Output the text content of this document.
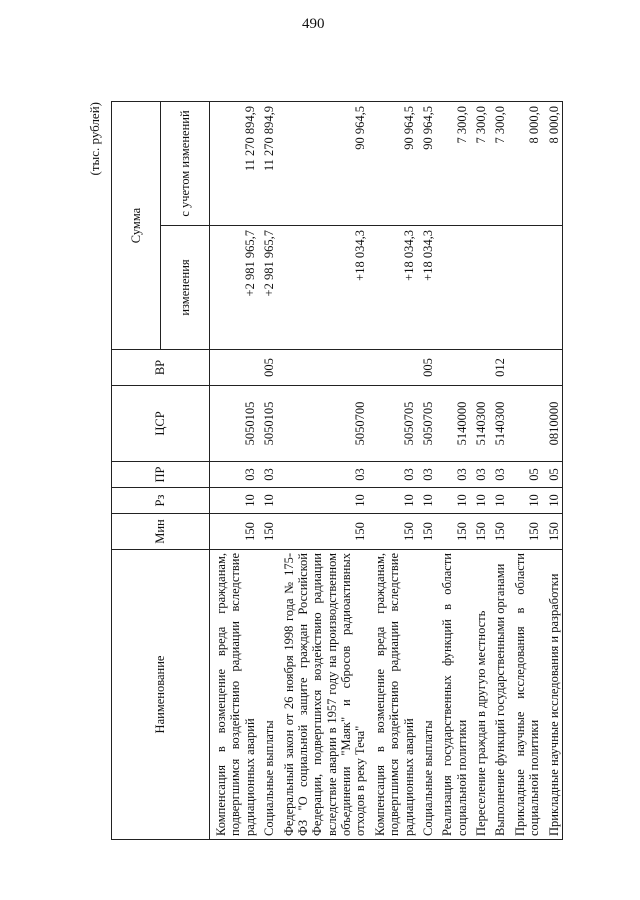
490
(тыс. рублей)
Наименование	Мин	Рз	ПР	ЦСР	ВР	Сумма	
						изменения	с учетом изменений
Компенсация в возмещение вреда гражданам, подвергшимся воздействию радиации вследствие радиационных аварий	150	10	03	5050105		+2 981 965,7	11 270 894,9
Социальные выплаты	150	10	03	5050105	005	+2 981 965,7	11 270 894,9
Федеральный закон от 26 ноября 1998 года № 175-ФЗ "О социальной защите граждан Российской Федерации, подвергшихся воздействию радиации вследствие аварии в 1957 году на производственном объединении "Маяк" и сбросов радиоактивных отходов в реку Теча"	150	10	03	5050700		+18 034,3	90 964,5
Компенсация в возмещение вреда гражданам, подвергшимся воздействию радиации вследствие радиационных аварий	150	10	03	5050705		+18 034,3	90 964,5
Социальные выплаты	150	10	03	5050705	005	+18 034,3	90 964,5
Реализация государственных функций в области социальной политики	150	10	03	5140000			7 300,0
Переселение граждан в другую местность	150	10	03	5140300			7 300,0
Выполнение функций государственными органами	150	10	03	5140300	012		7 300,0
Прикладные научные исследования в области социальной политики	150	10	05				8 000,0
Прикладные научные исследования и разработки	150	10	05	0810000			8 000,0
